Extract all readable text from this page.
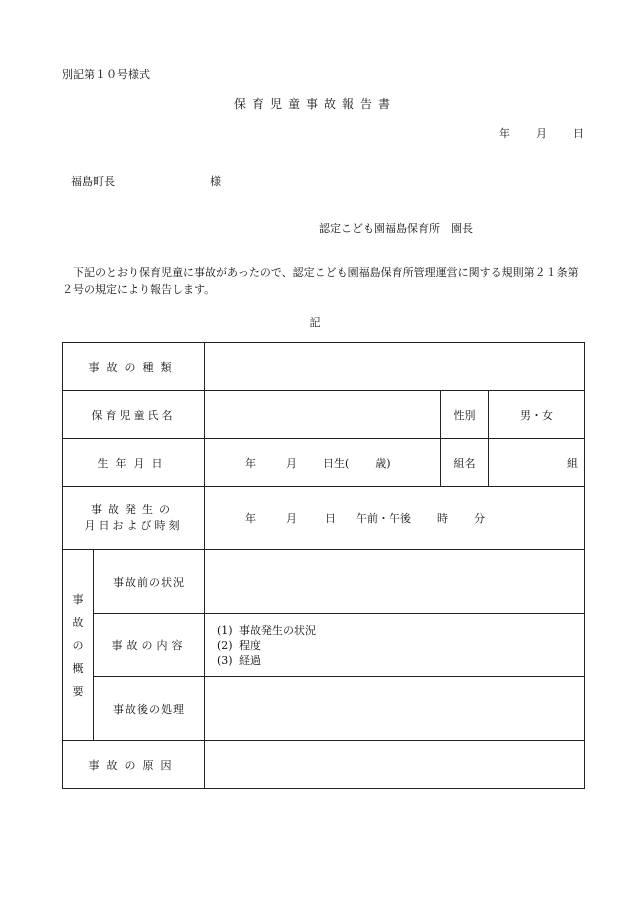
別記第１０号様式
保育児童事故報告書
年 月 日
福島町長	様
認定こども園福島保育所　園長
下記のとおり保育児童に事故があったので、認定こども園福島保育所管理運営に関する規則第２１条第２号の規定により報告します。
記
事故の種類				
保育児童氏名			性別	男・女
生年月日		年 月 日生( 歳)	組名	組

事故発生の
月日および時刻		年 月 日 午前・午後 時 分		

事
故
の
概
要	事故前の状況			
	事故の内容	(1) 事故発生の状況
(2) 程度
(3) 経過		

	事故後の処理			
事故の原因				
